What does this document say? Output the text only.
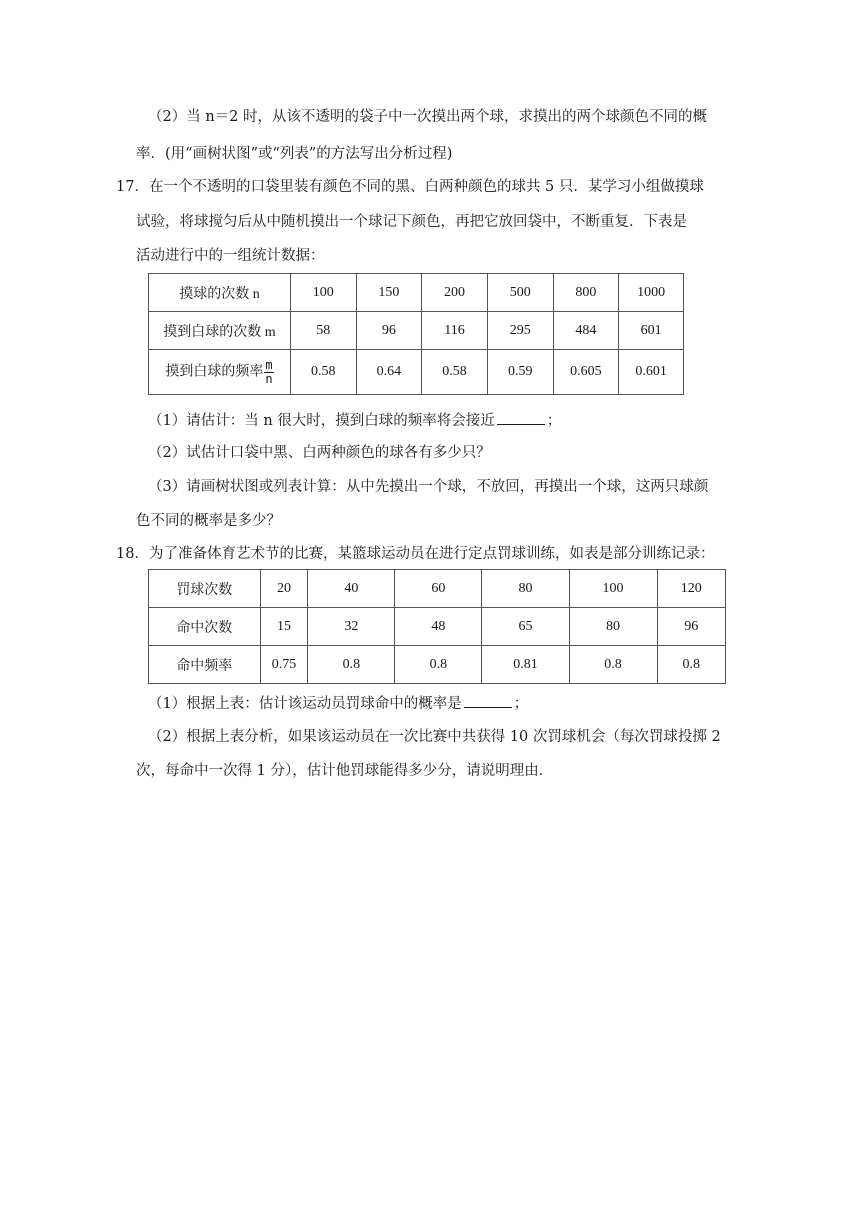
（2）当 n＝2 时，从该不透明的袋子中一次摸出两个球，求摸出的两个球颜色不同的概
率．(用“画树状图”或“列表”的方法写出分析过程)
17．在一个不透明的口袋里装有颜色不同的黑、白两种颜色的球共 5 只．某学习小组做摸球
试验，将球搅匀后从中随机摸出一个球记下颜色，再把它放回袋中，不断重复．下表是
活动进行中的一组统计数据：
摸球的次数 n	100	150	200	500	800	1000
摸到白球的次数 m	58	96	116	295	484	601
摸到白球的频率 $\frac{m}{n}$	0.58	0.64	0.58	0.59	0.605	0.601
（1）请估计：当 n 很大时，摸到白球的频率将会接近	；
（2）试估计口袋中黑、白两种颜色的球各有多少只？
（3）请画树状图或列表计算：从中先摸出一个球，不放回，再摸出一个球，这两只球颜
色不同的概率是多少？
18．为了准备体育艺术节的比赛，某篮球运动员在进行定点罚球训练，如表是部分训练记录：
罚球次数	20	40	60	80	100	120
命中次数	15	32	48	65	80	96
命中频率	0.75	0.8	0.8	0.81	0.8	0.8
（1）根据上表：估计该运动员罚球命中的概率是	；
（2）根据上表分析，如果该运动员在一次比赛中共获得 10 次罚球机会（每次罚球投掷 2
次，每命中一次得 1 分），估计他罚球能得多少分，请说明理由．
